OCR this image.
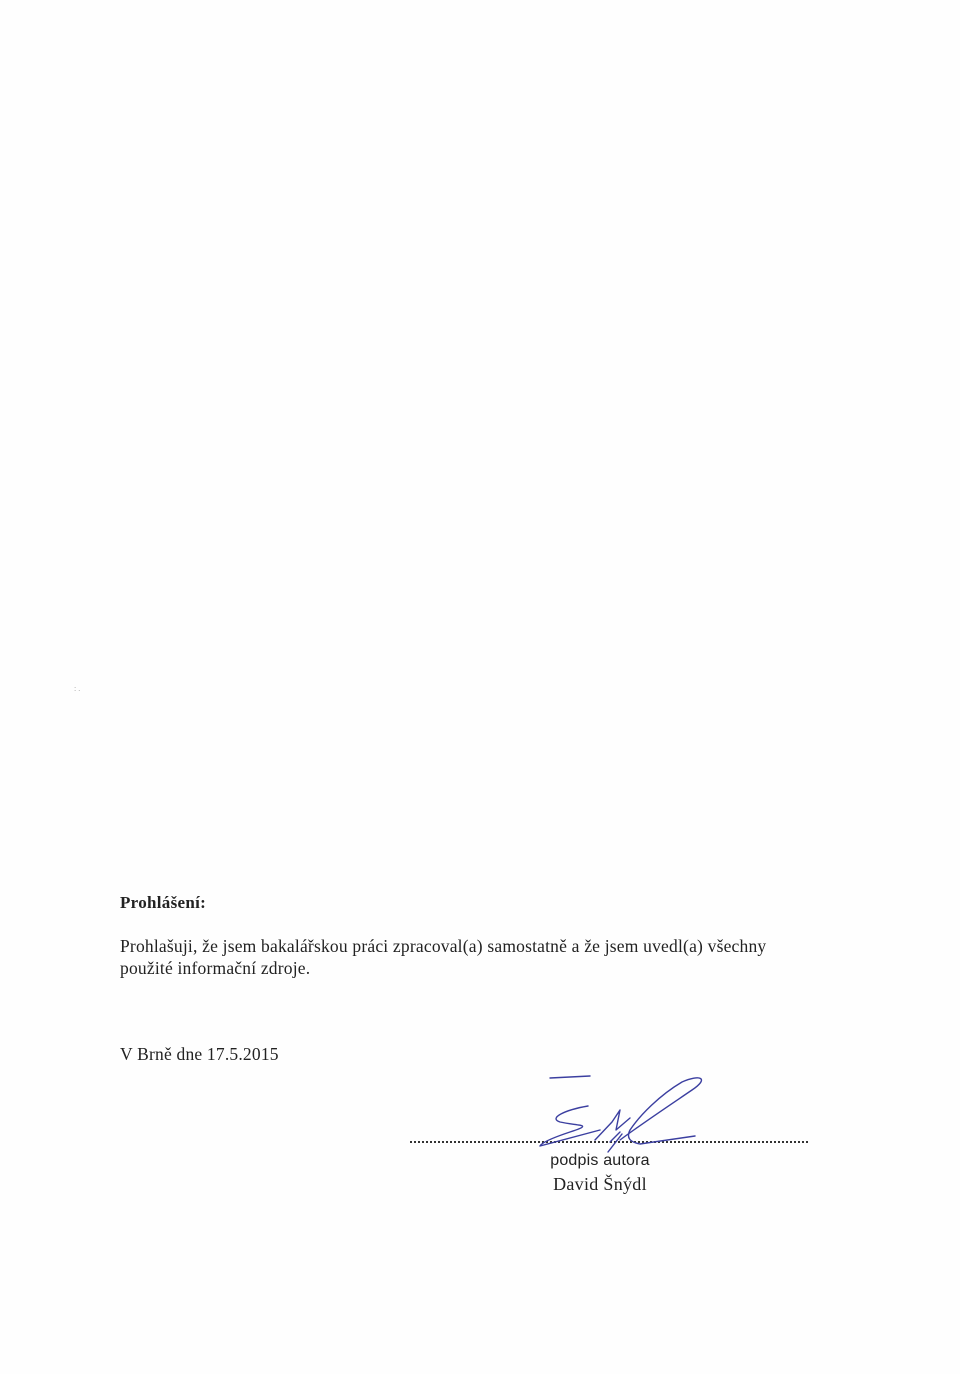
: .
Prohlášení:
Prohlašuji, že jsem bakalářskou práci zpracoval(a) samostatně a že jsem uvedl(a) všechny
použité informační zdroje.
V Brně dne 17.5.2015
podpis autora
David Šnýdl
